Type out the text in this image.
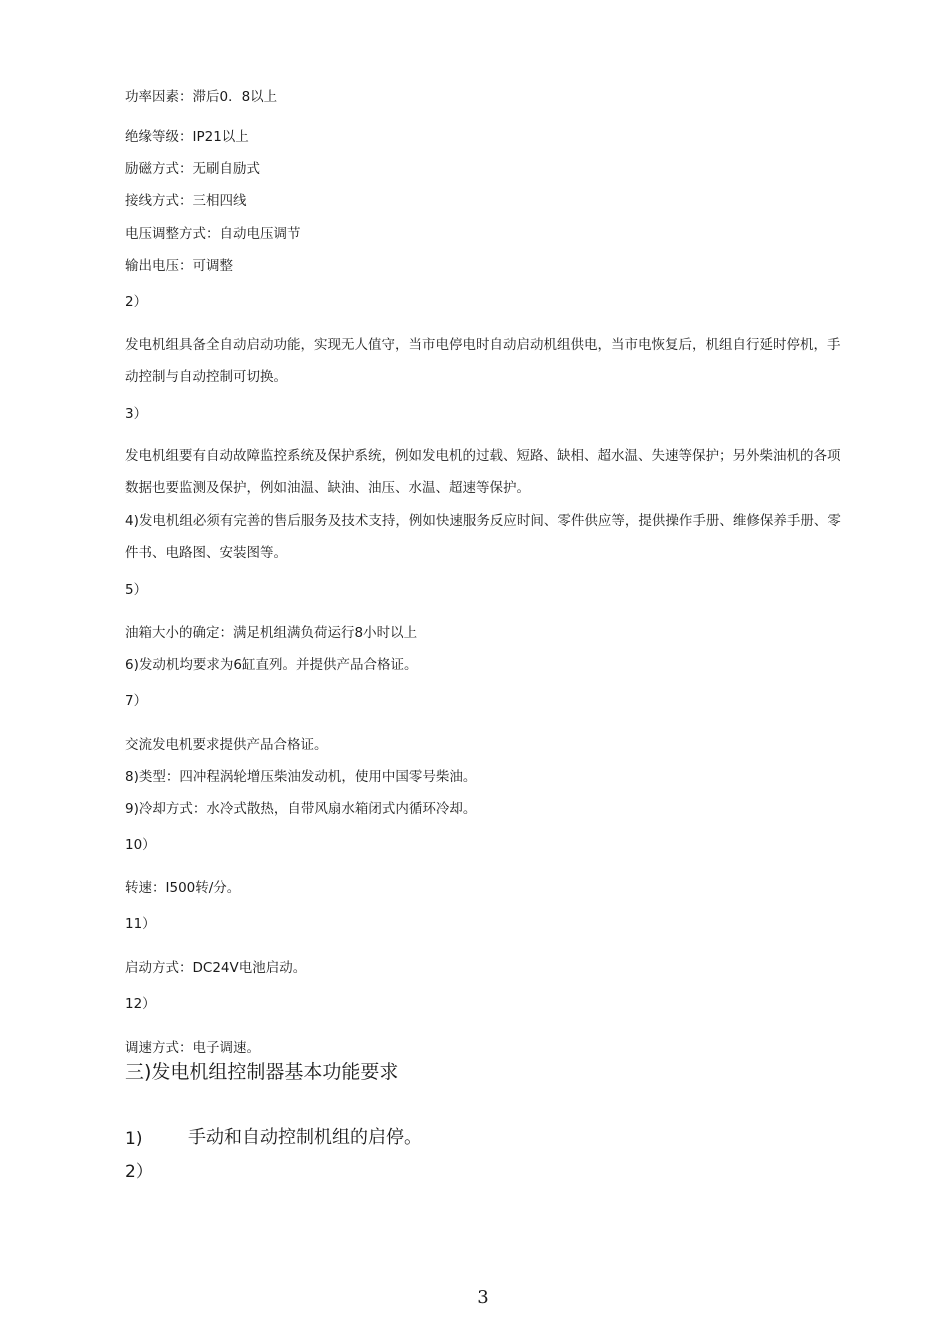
功率因素：滞后0．8以上
绝缘等级：IP21以上
励磁方式：无刷自励式
接线方式：三相四线
电压调整方式：自动电压调节
输出电压：可调整
2）
发电机组具备全自动启动功能，实现无人值守，当市电停电时自动启动机组供电，当市电恢复后，机组自行延时停机，手动控制与自动控制可切换。
3）
发电机组要有自动故障监控系统及保护系统，例如发电机的过载、短路、缺相、超水温、失速等保护；另外柴油机的各项数据也要监测及保护，例如油温、缺油、油压、水温、超速等保护。
4)发电机组必须有完善的售后服务及技术支持，例如快速服务反应时间、零件供应等，提供操作手册、维修保养手册、零件书、电路图、安装图等。
5）
油箱大小的确定：满足机组满负荷运行8小时以上
6)发动机均要求为6缸直列。并提供产品合格证。
7）
交流发电机要求提供产品合格证。
8)类型：四冲程涡轮增压柴油发动机，使用中国零号柴油。
9)冷却方式：水冷式散热，自带风扇水箱闭式内循环冷却。
10）
转速：I500转/分。
11）
启动方式：DC24V电池启动。
12）
调速方式：电子调速。
三)发电机组控制器基本功能要求
1)	手动和自动控制机组的启停。
2）
3
